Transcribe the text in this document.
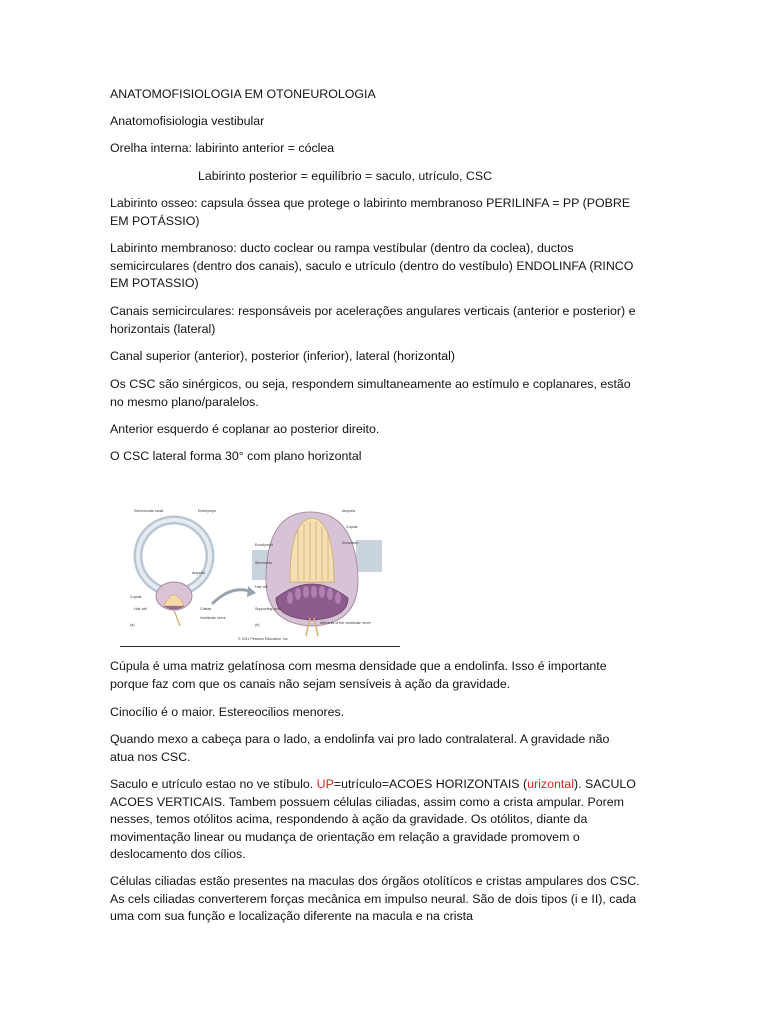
ANATOMOFISIOLOGIA EM OTONEUROLOGIA

Anatomofisiologia vestibular

Orelha interna: labirinto anterior = cóclea

Labirinto posterior = equilíbrio = saculo, utrículo, CSC

Labirinto osseo: capsula óssea que protege o labirinto membranoso PERILINFA = PP (POBRE
EM POTÁSSIO)
Labirinto membranoso: ducto coclear ou rampa vestíbular (dentro da coclea), ductos
semicirculares (dentro dos canais), saculo e utrículo (dentro do vestíbulo) ENDOLINFA (RINCO
EM POTASSIO)
Canais semicirculares: responsáveis por acelerações angulares verticais (anterior e posterior) e
horizontais (lateral)

Canal superior (anterior), posterior (inferior), lateral (horizontal)

Os CSC são sinérgicos, ou seja, respondem simultaneamente ao estímulo e coplanares, estão
no mesmo plano/paralelos.

Anterior esquerdo é coplanar ao posterior direito.

O CSC lateral forma 30° com plano horizontal

Semicircular canal	Endolymph
Ampulla
Cupula
Hair cell	Cristae
Vestibular nerve
(a)
Ampulla
Cupula
Kinocilium
Endolymph
Stereocilia
Hair cell
Supporting cells
Afferents of the vestibular nerve
(b)
© 2011 Pearson Education, Inc.
Cúpula é uma matriz gelatínosa com mesma densidade que a endolinfa. Isso é importante
porque faz com que os canais não sejam sensíveis à ação da gravidade.

Cinocílio é o maior. Estereocilios menores.

Quando mexo a cabeça para o lado, a endolinfa vai pro lado contralateral. A gravidade não
atua nos CSC.
Saculo e utrículo estao no ve stíbulo. UP=utrículo=ACOES HORIZONTAIS (urizontal). SACULO
ACOES VERTICAIS. Tambem possuem células ciliadas, assim como a crista ampular. Porem
nesses, temos otólitos acima, respondendo à ação da gravidade. Os otólitos, diante da
movimentação linear ou mudança de orientação em relação a gravidade promovem o
deslocamento dos cílios.
Células ciliadas estão presentes na maculas dos órgãos otolítícos e cristas ampulares dos CSC.
As cels ciliadas converterem forças mecânica em impulso neural. São de dois tipos (i e II), cada
uma com sua função e localização diferente na macula e na crista
